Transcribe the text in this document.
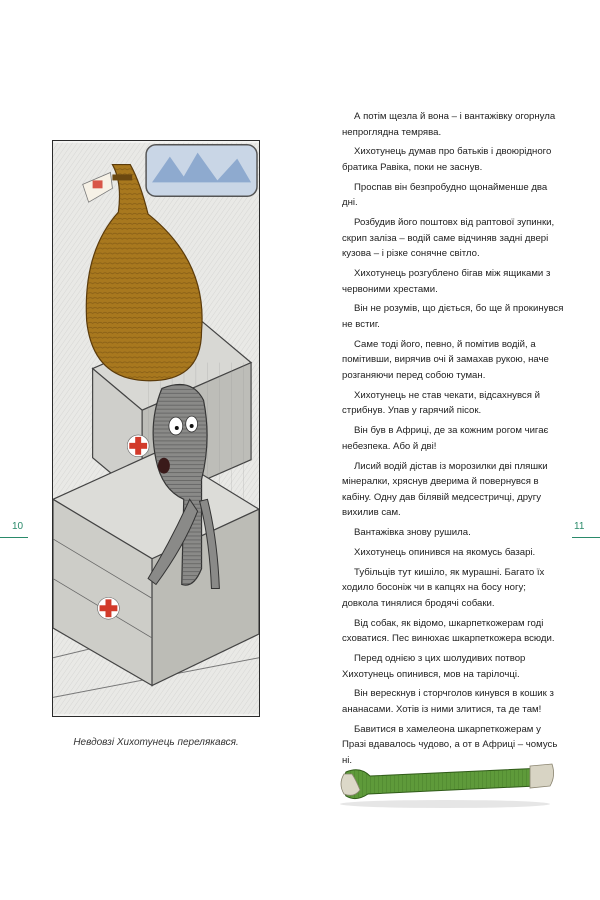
Невдовзі Хихотунець перелякався.
10

А потім щезла й вона – і вантажівку огорнула непроглядна темрява.

Хихотунець думав про батьків і двоюрідного братика Равіка, поки не заснув.

Проспав він безпробудно щонайменше два дні.

Розбудив його поштовх від раптової зупинки, скрип заліза – водій саме відчиняв задні двері кузова – і різке сонячне світло.

Хихотунець розгублено бігав між ящиками з червоними хрестами.

Він не розумів, що діється, бо ще й прокинувся не встиг.

Саме тоді його, певно, й помітив водій, а помітивши, вирячив очі й замахав рукою, наче розганяючи перед собою туман.

Хихотунець не став чекати, відсахнувся й стрибнув. Упав у гарячий пісок.

Він був в Африці, де за кожним рогом чигає небезпека. Або й дві!

Лисий водій дістав із морозилки дві пляшки мінералки, хряснув дверима й повернувся в кабіну. Одну дав білявій медсестричці, другу вихилив сам.

Вантажівка знову рушила.

Хихотунець опинився на якомусь базарі.

Тубільців тут кишіло, як мурашні. Багато їх ходило босоніж чи в капцях на босу ногу; довкола тинялися бродячі собаки.

Від собак, як відомо, шкарпеткожерам годі сховатися. Пес винюхає шкарпеткожера всюди.

Перед однією з цих шолудивих потвор Хихотунець опинився, мов на тарілочці.

Він верескнув і сторчголов кинувся в кошик з ананасами. Хотів із ними злитися, та де там!

Бавитися в хамелеона шкарпеткожерам у Празі вдавалось чудово, а от в Африці – чомусь ні.

11
